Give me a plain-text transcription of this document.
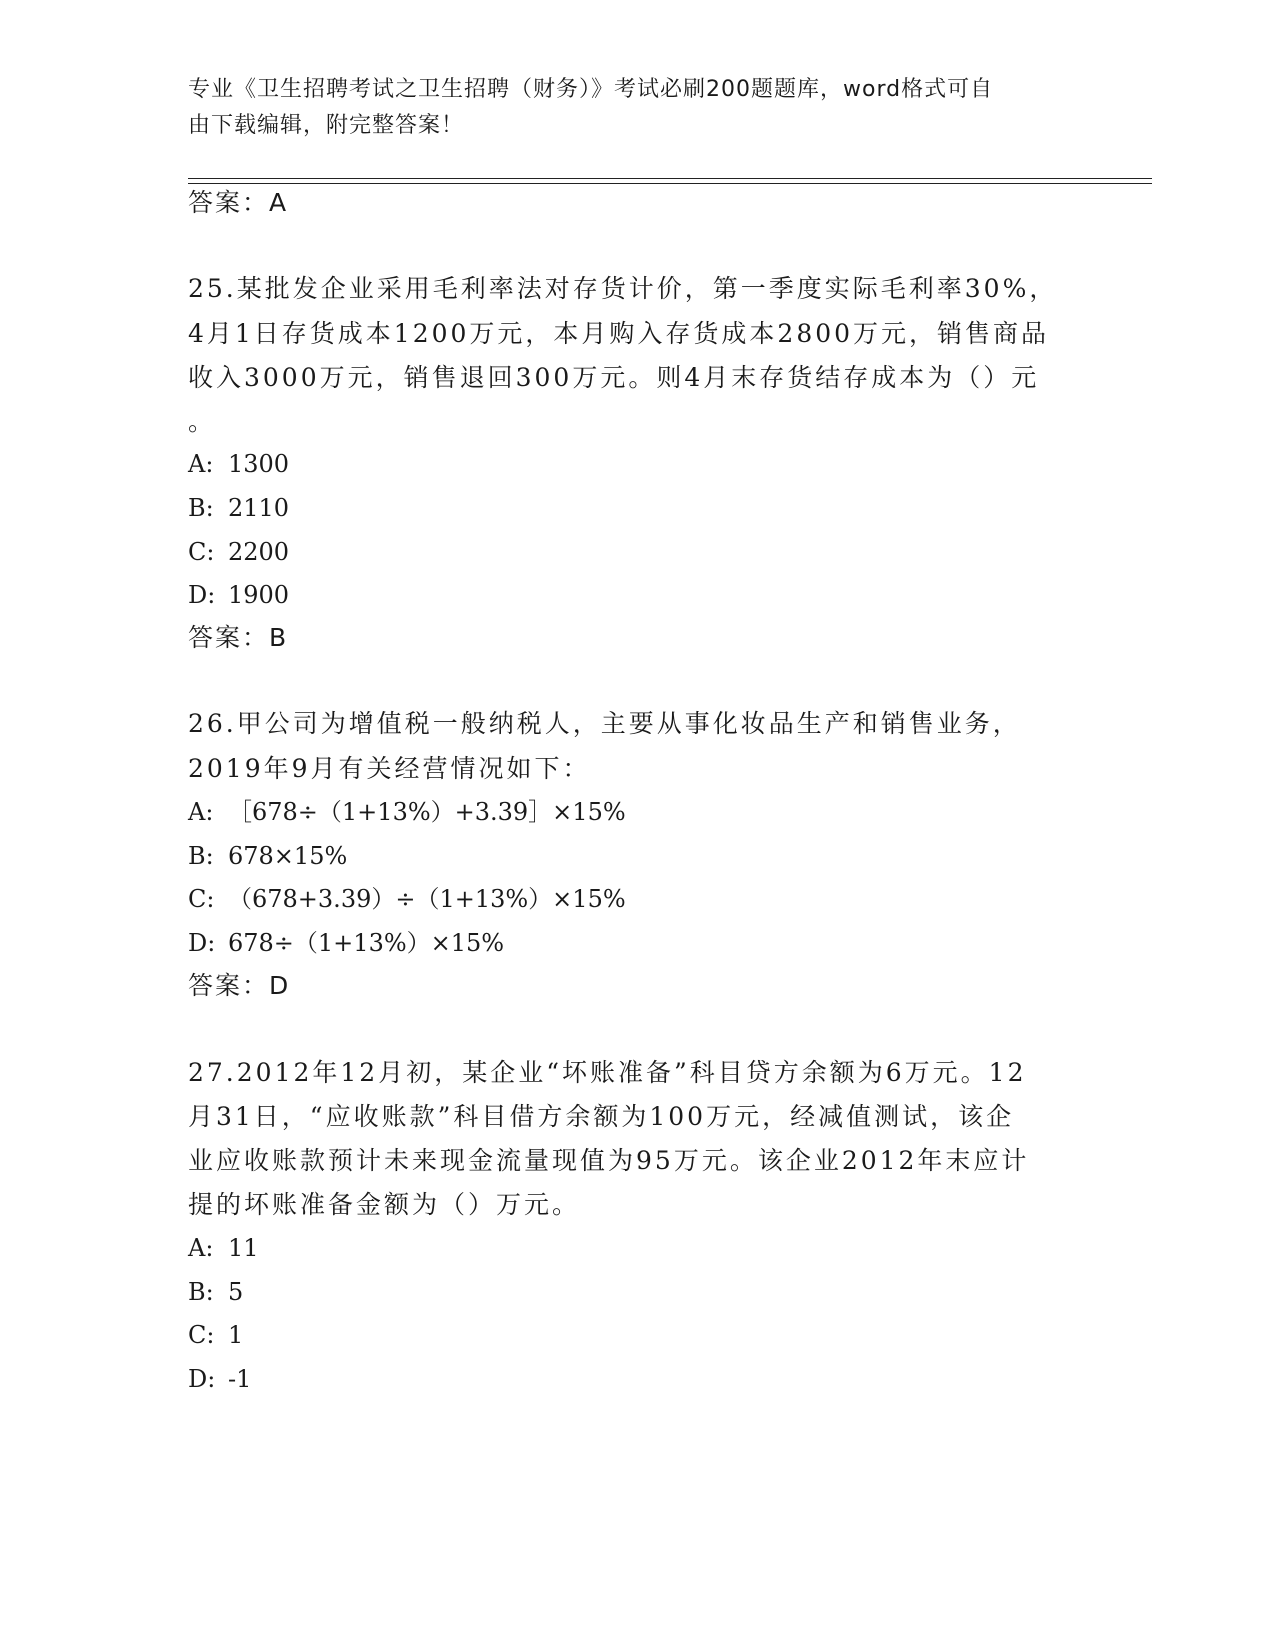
专业《卫生招聘考试之卫生招聘（财务）》考试必刷200题题库，word格式可自
由下载编辑，附完整答案！
答案：A
25.某批发企业采用毛利率法对存货计价，第一季度实际毛利率30%，
4月1日存货成本1200万元，本月购入存货成本2800万元，销售商品
收入3000万元，销售退回300万元。则4月末存货结存成本为（）元
。
A: 1300
B: 2110
C: 2200
D: 1900
答案：B
26.甲公司为增值税一般纳税人，主要从事化妆品生产和销售业务，
2019年9月有关经营情况如下：
A: ［678÷（1+13%）+3.39］×15%
B: 678×15%
C: （678+3.39）÷（1+13%）×15%
D: 678÷（1+13%）×15%
答案：D
27.2012年12月初，某企业“坏账准备”科目贷方余额为6万元。12
月31日，“应收账款”科目借方余额为100万元，经减值测试，该企
业应收账款预计未来现金流量现值为95万元。该企业2012年末应计
提的坏账准备金额为（）万元。
A: 11
B: 5
C: 1
D: -1
